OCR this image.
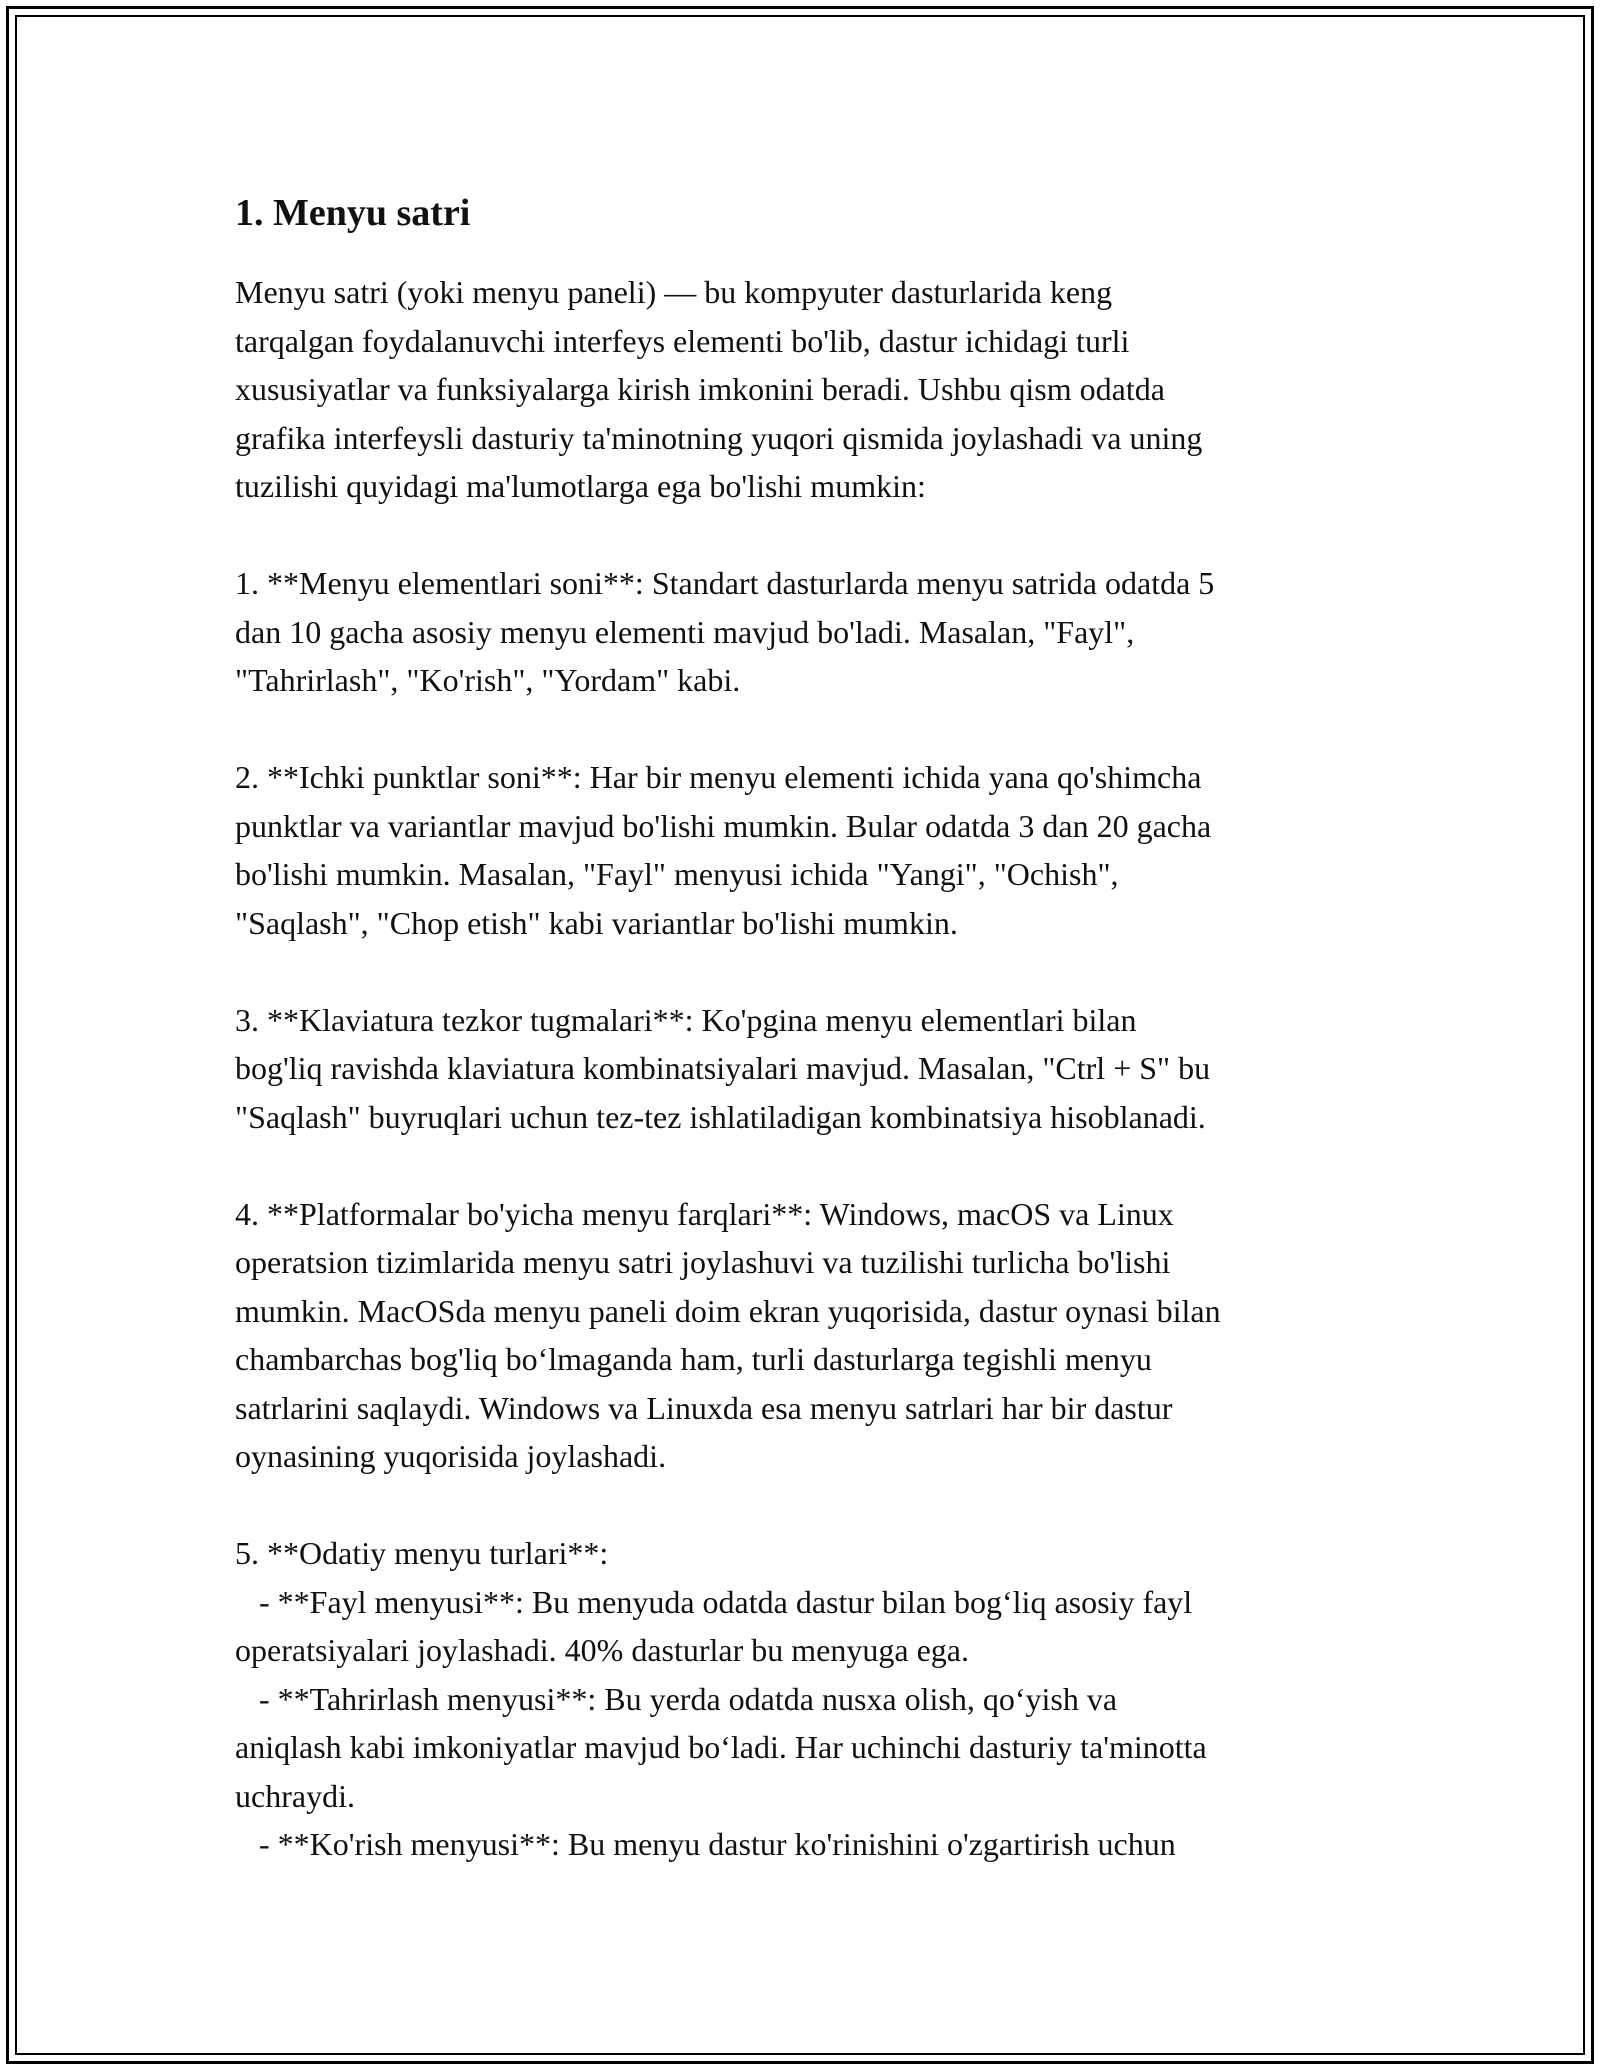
1. Menyu satri

Menyu satri (yoki menyu paneli) — bu kompyuter dasturlarida keng
tarqalgan foydalanuvchi interfeys elementi bo'lib, dastur ichidagi turli
xususiyatlar va funksiyalarga kirish imkonini beradi. Ushbu qism odatda
grafika interfeysli dasturiy ta'minotning yuqori qismida joylashadi va uning
tuzilishi quyidagi ma'lumotlarga ega bo'lishi mumkin:

1. **Menyu elementlari soni**: Standart dasturlarda menyu satrida odatda 5
dan 10 gacha asosiy menyu elementi mavjud bo'ladi. Masalan, "Fayl",
"Tahrirlash", "Ko'rish", "Yordam" kabi.

2. **Ichki punktlar soni**: Har bir menyu elementi ichida yana qo'shimcha
punktlar va variantlar mavjud bo'lishi mumkin. Bular odatda 3 dan 20 gacha
bo'lishi mumkin. Masalan, "Fayl" menyusi ichida "Yangi", "Ochish",
"Saqlash", "Chop etish" kabi variantlar bo'lishi mumkin.

3. **Klaviatura tezkor tugmalari**: Ko'pgina menyu elementlari bilan
bog'liq ravishda klaviatura kombinatsiyalari mavjud. Masalan, "Ctrl + S" bu
"Saqlash" buyruqlari uchun tez-tez ishlatiladigan kombinatsiya hisoblanadi.

4. **Platformalar bo'yicha menyu farqlari**: Windows, macOS va Linux
operatsion tizimlarida menyu satri joylashuvi va tuzilishi turlicha bo'lishi
mumkin. MacOSda menyu paneli doim ekran yuqorisida, dastur oynasi bilan
chambarchas bog'liq bo‘lmaganda ham, turli dasturlarga tegishli menyu
satrlarini saqlaydi. Windows va Linuxda esa menyu satrlari har bir dastur
oynasining yuqorisida joylashadi.

5. **Odatiy menyu turlari**:
- **Fayl menyusi**: Bu menyuda odatda dastur bilan bog‘liq asosiy fayl
operatsiyalari joylashadi. 40% dasturlar bu menyuga ega.
- **Tahrirlash menyusi**: Bu yerda odatda nusxa olish, qo‘yish va
aniqlash kabi imkoniyatlar mavjud bo‘ladi. Har uchinchi dasturiy ta'minotta
uchraydi.
- **Ko'rish menyusi**: Bu menyu dastur ko'rinishini o'zgartirish uchun
